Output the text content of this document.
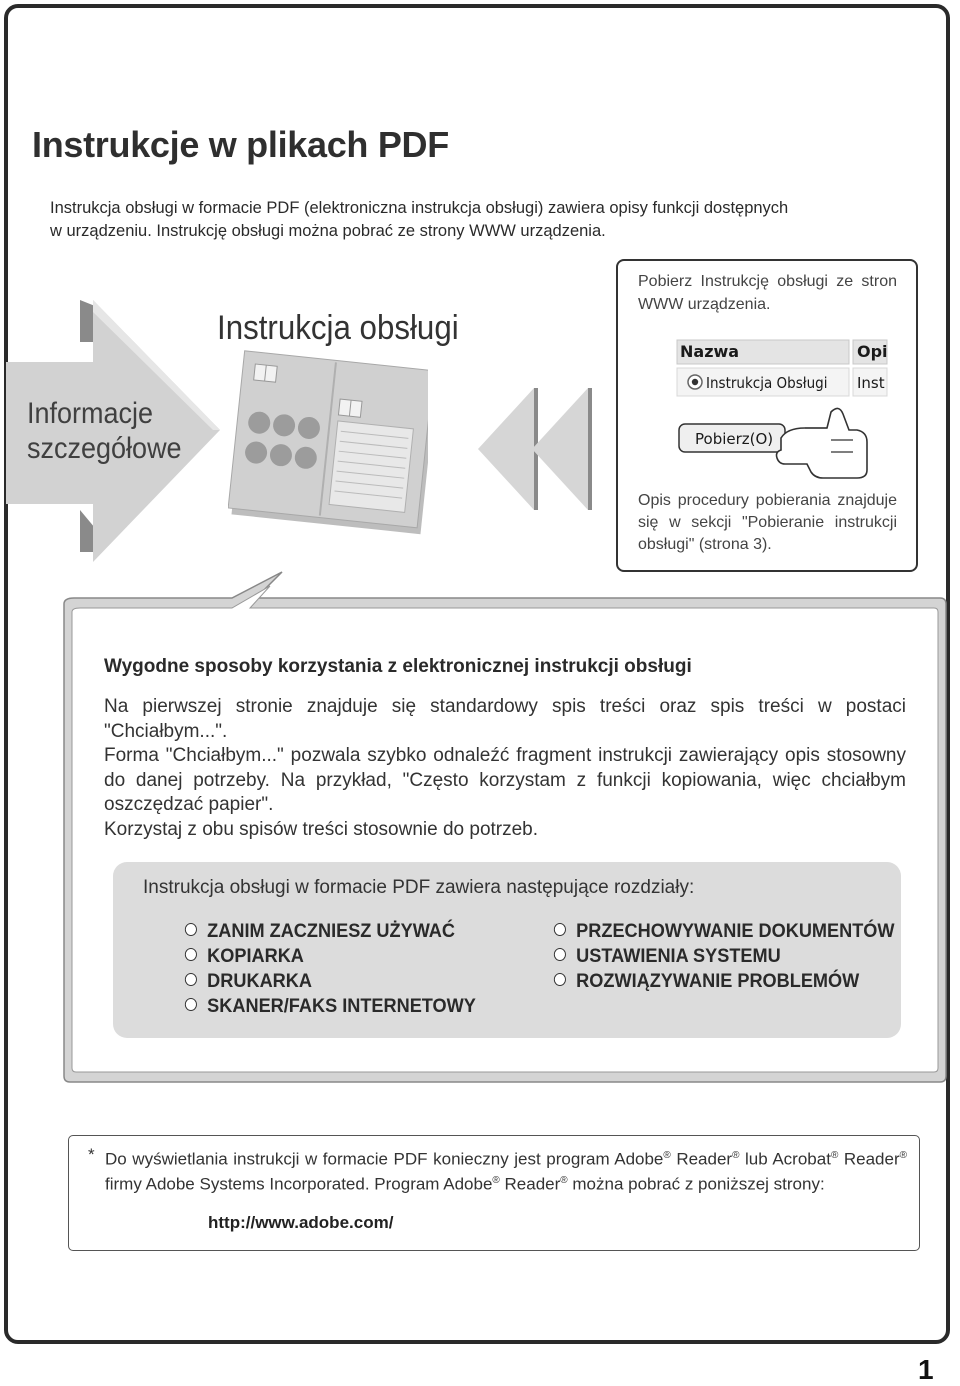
Instrukcje w plikach PDF
Instrukcja obsługi w formacie PDF (elektroniczna instrukcja obsługi) zawiera opisy funkcji dostępnych
w urządzeniu. Instrukcję obsługi można pobrać ze strony WWW urządzenia.
Informacje
szczegółowe
Instrukcja obsługi
Pobierz Instrukcję obsługi ze stron WWW urządzenia.
Nazwa	Opi
Instrukcja Obsługi Inst
Pobierz(O)
Opis procedury pobierania znajduje się w sekcji "Pobieranie instrukcji obsługi" (strona 3).
Wygodne sposoby korzystania z elektronicznej instrukcji obsługi

Na pierwszej stronie znajduje się standardowy spis treści oraz spis treści w postaci "Chciałbym...".

Forma "Chciałbym..." pozwala szybko odnaleźć fragment instrukcji zawierający opis stosowny do danej potrzeby. Na przykład, "Często korzystam z funkcji kopiowania, więc chciałbym oszczędzać papier".

Korzystaj z obu spisów treści stosownie do potrzeb.

Instrukcja obsługi w formacie PDF zawiera następujące rozdziały:
ZANIM ZACZNIESZ UŻYWAĆ
KOPIARKA
DRUKARKA
SKANER/FAKS INTERNETOWY
PRZECHOWYWANIE DOKUMENTÓW
USTAWIENIA SYSTEMU
ROZWIĄZYWANIE PROBLEMÓW
* Do wyświetlania instrukcji w formacie PDF konieczny jest program Adobe® Reader® lub Acrobat® Reader® firmy Adobe Systems Incorporated. Program Adobe® Reader® można pobrać z poniższej strony:
http://www.adobe.com/
1
